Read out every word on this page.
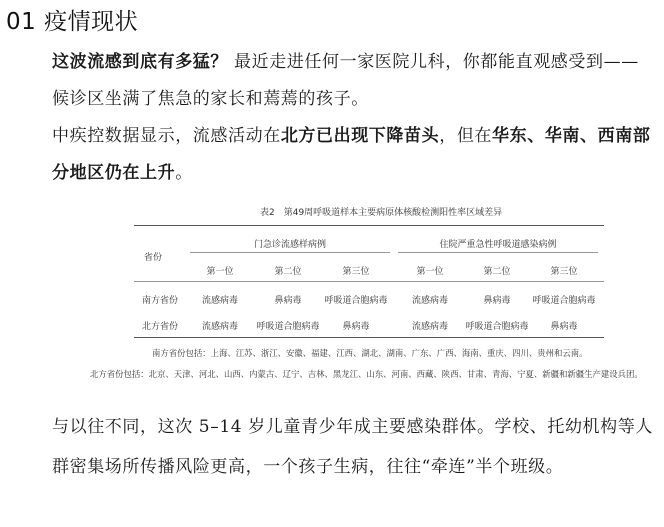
01 疫情现状

这波流感到底有多猛？ 最近走进任何一家医院儿科，你都能直观感受到——候诊区坐满了焦急的家长和蔫蔫的孩子。

中疾控数据显示，流感活动在北方已出现下降苗头，但在华东、华南、西南部分地区仍在上升。

表2　第49周呼吸道样本主要病原体核酸检测阳性率区域差异
省份
门急诊流感样病例	住院严重急性呼吸道感染病例
第一位	第二位	第三位	第一位	第二位	第三位
南方省份	流感病毒	鼻病毒	呼吸道合胞病毒	流感病毒	鼻病毒	呼吸道合胞病毒
北方省份	流感病毒	呼吸道合胞病毒	鼻病毒	流感病毒	呼吸道合胞病毒	鼻病毒
南方省份包括：上海、江苏、浙江、安徽、福建、江西、湖北、湖南、广东、广西、海南、重庆、四川、贵州和云南。
北方省份包括：北京、天津、河北、山西、内蒙古、辽宁、吉林、黑龙江、山东、河南、西藏、陕西、甘肃、青海、宁夏、新疆和新疆生产建设兵团。

与以往不同，这次 5–14 岁儿童青少年成主要感染群体。学校、托幼机构等人群密集场所传播风险更高，一个孩子生病，往往“牵连”半个班级。
